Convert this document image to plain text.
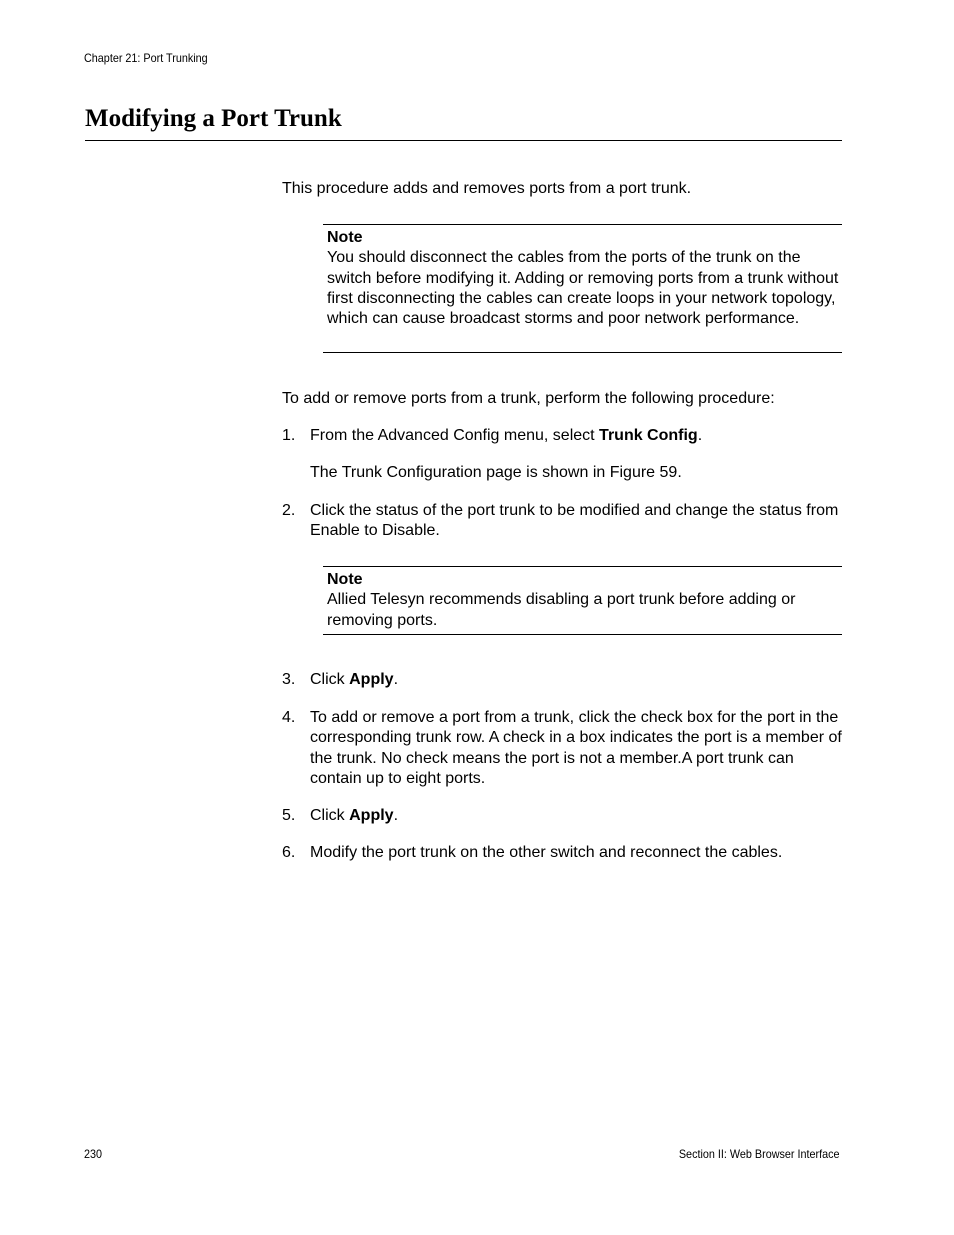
Chapter 21: Port Trunking
Modifying a Port Trunk
This procedure adds and removes ports from a port trunk.
Note
You should disconnect the cables from the ports of the trunk on the switch before modifying it. Adding or removing ports from a trunk without first disconnecting the cables can create loops in your network topology, which can cause broadcast storms and poor network performance.
To add or remove ports from a trunk, perform the following procedure:
1. From the Advanced Config menu, select Trunk Config.
The Trunk Configuration page is shown in Figure 59.
2. Click the status of the port trunk to be modified and change the status from Enable to Disable.
3. Click Apply.
4. To add or remove a port from a trunk, click the check box for the port in the corresponding trunk row. A check in a box indicates the port is a member of the trunk. No check means the port is not a member.A port trunk can contain up to eight ports.
5. Click Apply.
6. Modify the port trunk on the other switch and reconnect the cables.
Note
Allied Telesyn recommends disabling a port trunk before adding or removing ports.
230	Section II: Web Browser Interface
